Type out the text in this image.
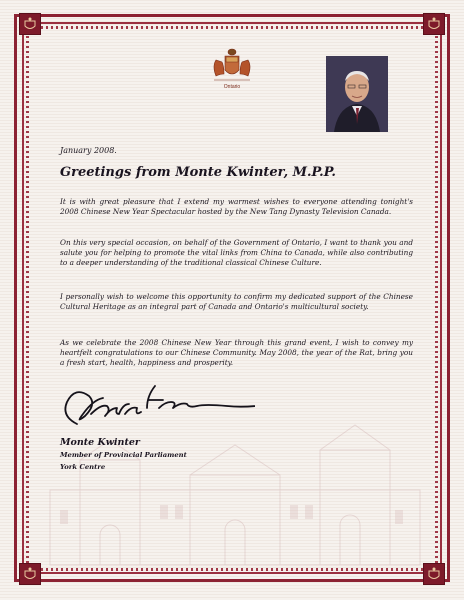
Ontario
January 2008.
Greetings from Monte Kwinter, M.P.P.
It is with great pleasure that I extend my warmest wishes to everyone attending tonight's 2008 Chinese New Year Spectacular hosted by the New Tang Dynasty Television Canada.
On this very special occasion, on behalf of the Government of Ontario, I want to thank you and salute you for helping to promote the vital links from China to Canada, while also contributing to a deeper understanding of the traditional classical Chinese Culture.
I personally wish to welcome this opportunity to confirm my dedicated support of the Chinese Cultural Heritage as an integral part of Canada and Ontario's multicultural society.
As we celebrate the 2008 Chinese New Year through this grand event, I wish to convey my heartfelt congratulations to our Chinese Community. May 2008, the year of the Rat, bring you a fresh start, health, happiness and prosperity.
Monte Kwinter
Member of Provincial Parliament
York Centre
